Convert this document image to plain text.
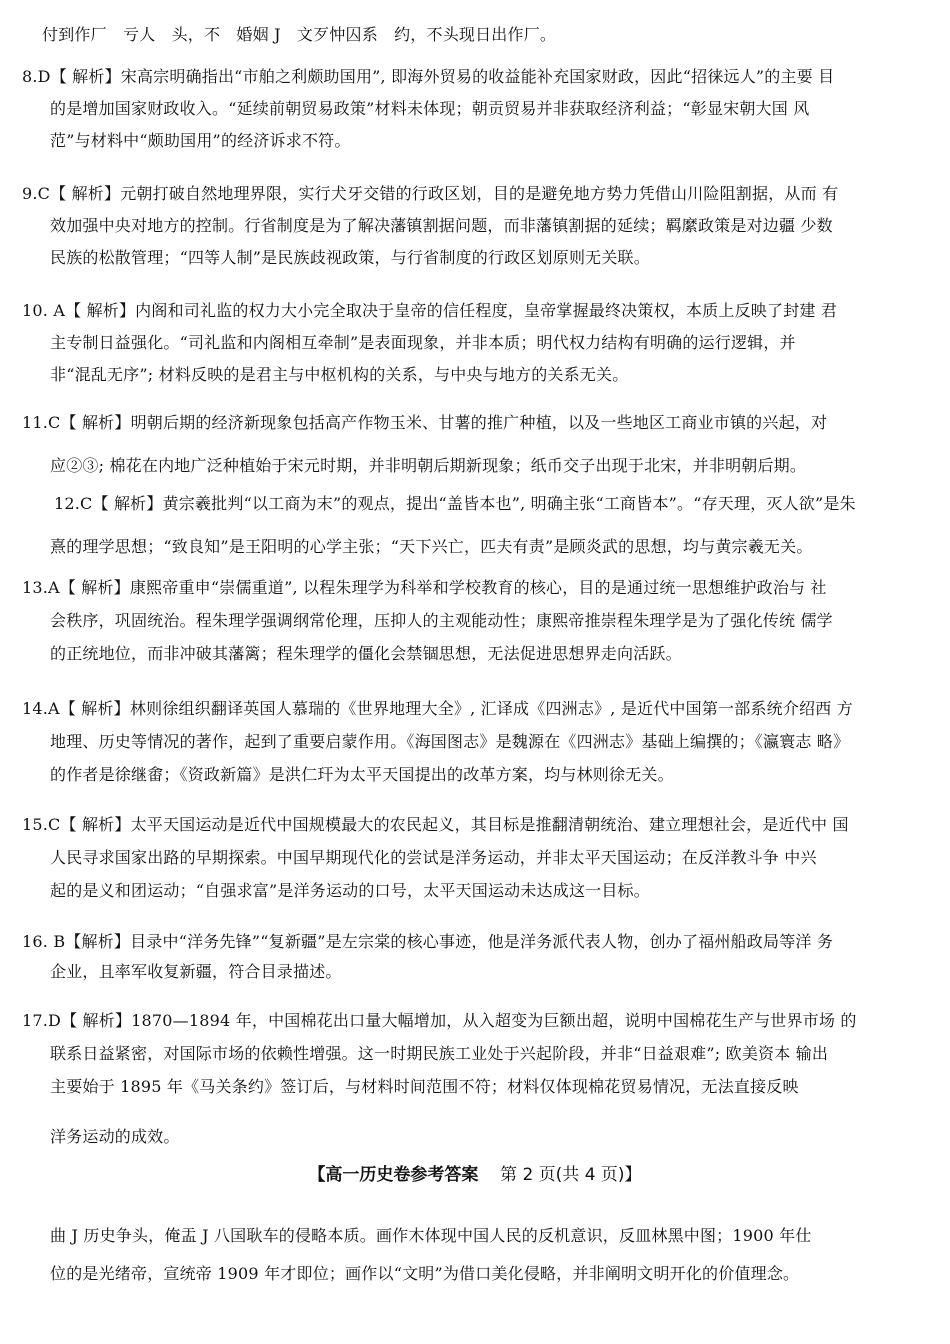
付到作厂　亏人　头，不　婚姻 J　文歹忡囚系　约，不头现日出作厂。
8.D【 解析】宋高宗明确指出“市舶之利颇助国用”, 即海外贸易的收益能补充国家财政，因此“招徕远人”的主要 目
的是增加国家财政收入。“延续前朝贸易政策”材料未体现；朝贡贸易并非获取经济利益；“彰显宋朝大国 风
范”与材料中“颇助国用”的经济诉求不符。
9.C【 解析】元朝打破自然地理界限，实行犬牙交错的行政区划，目的是避免地方势力凭借山川险阻割据，从而 有
效加强中央对地方的控制。行省制度是为了解决藩镇割据问题，而非藩镇割据的延续；羁縻政策是对边疆 少数
民族的松散管理；“四等人制”是民族歧视政策，与行省制度的行政区划原则无关联。
10. A【 解析】内阁和司礼监的权力大小完全取决于皇帝的信任程度，皇帝掌握最终决策权，本质上反映了封建 君
主专制日益强化。“司礼监和内阁相互牵制”是表面现象，并非本质；明代权力结构有明确的运行逻辑，并
非“混乱无序”; 材料反映的是君主与中枢机构的关系，与中央与地方的关系无关。
11.C【 解析】明朝后期的经济新现象包括高产作物玉米、甘薯的推广种植，以及一些地区工商业市镇的兴起，对
应②③; 棉花在内地广泛种植始于宋元时期，并非明朝后期新现象；纸币交子出现于北宋，并非明朝后期。
12.C【 解析】黄宗羲批判“以工商为末”的观点，提出“盖皆本也”, 明确主张“工商皆本”。“存天理，灭人欲”是朱
熹的理学思想；“致良知”是王阳明的心学主张；“天下兴亡，匹夫有责”是顾炎武的思想，均与黄宗羲无关。
13.A【 解析】康熙帝重申“崇儒重道”, 以程朱理学为科举和学校教育的核心，目的是通过统一思想维护政治与 社
会秩序，巩固统治。程朱理学强调纲常伦理，压抑人的主观能动性；康熙帝推崇程朱理学是为了强化传统 儒学
的正统地位，而非冲破其藩篱；程朱理学的僵化会禁锢思想，无法促进思想界走向活跃。
14.A【 解析】林则徐组织翻译英国人慕瑞的《世界地理大全》, 汇译成《四洲志》, 是近代中国第一部系统介绍西 方
地理、历史等情况的著作，起到了重要启蒙作用。《海国图志》是魏源在《四洲志》基础上编撰的；《瀛寰志 略》
的作者是徐继畬；《资政新篇》是洪仁玕为太平天国提出的改革方案，均与林则徐无关。
15.C【 解析】太平天国运动是近代中国规模最大的农民起义，其目标是推翻清朝统治、建立理想社会，是近代中 国
人民寻求国家出路的早期探索。中国早期现代化的尝试是洋务运动，并非太平天国运动；在反洋教斗争 中兴
起的是义和团运动；“自强求富”是洋务运动的口号，太平天国运动未达成这一目标。
16. B【解析】目录中“洋务先锋”“复新疆”是左宗棠的核心事迹，他是洋务派代表人物，创办了福州船政局等洋 务
企业，且率军收复新疆，符合目录描述。
17.D【 解析】1870—1894 年，中国棉花出口量大幅增加，从入超变为巨额出超，说明中国棉花生产与世界市场 的
联系日益紧密，对国际市场的依赖性增强。这一时期民族工业处于兴起阶段，并非“日益艰难”; 欧美资本 输出
主要始于 1895 年《马关条约》签订后，与材料时间范围不符；材料仅体现棉花贸易情况，无法直接反映
洋务运动的成效。
【高一历史卷参考答案 第 2 页(共 4 页)】
曲 J 历史争头，俺盂 J 八国耿车的侵略本质。画作木体现中国人民的反机意识，反皿林黑中图；1900 年仕
位的是光绪帝，宣统帝 1909 年才即位；画作以“文明”为借口美化侵略，并非阐明文明开化的价值理念。
